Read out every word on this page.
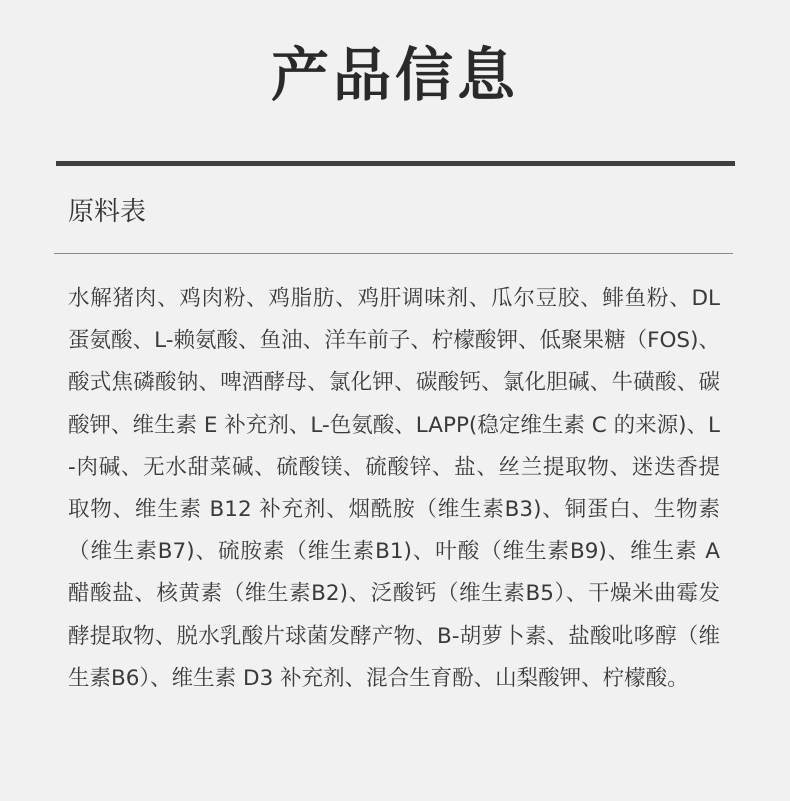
产品信息
原料表

水解猪肉、鸡肉粉、鸡脂肪、鸡肝调味剂、瓜尔豆胶、鲱鱼粉、DL 蛋氨酸、L-赖氨酸、鱼油、洋车前子、柠檬酸钾、低聚果糖（FOS)、酸式焦磷酸钠、啤酒酵母、氯化钾、碳酸钙、氯化胆碱、牛磺酸、碳酸钾、维生素 E 补充剂、L-色氨酸、LAPP(稳定维生素 C 的来源)、L-肉碱、无水甜菜碱、硫酸镁、硫酸锌、盐、丝兰提取物、迷迭香提取物、维生素 B12 补充剂、烟酰胺（维生素B3)、铜蛋白、生物素（维生素B7)、硫胺素（维生素B1)、叶酸（维生素B9)、维生素 A 醋酸盐、核黄素（维生素B2)、泛酸钙（维生素B5）、干燥米曲霉发酵提取物、脱水乳酸片球菌发酵产物、B-胡萝卜素、盐酸吡哆醇（维生素B6）、维生素 D3 补充剂、混合生育酚、山梨酸钾、柠檬酸。
